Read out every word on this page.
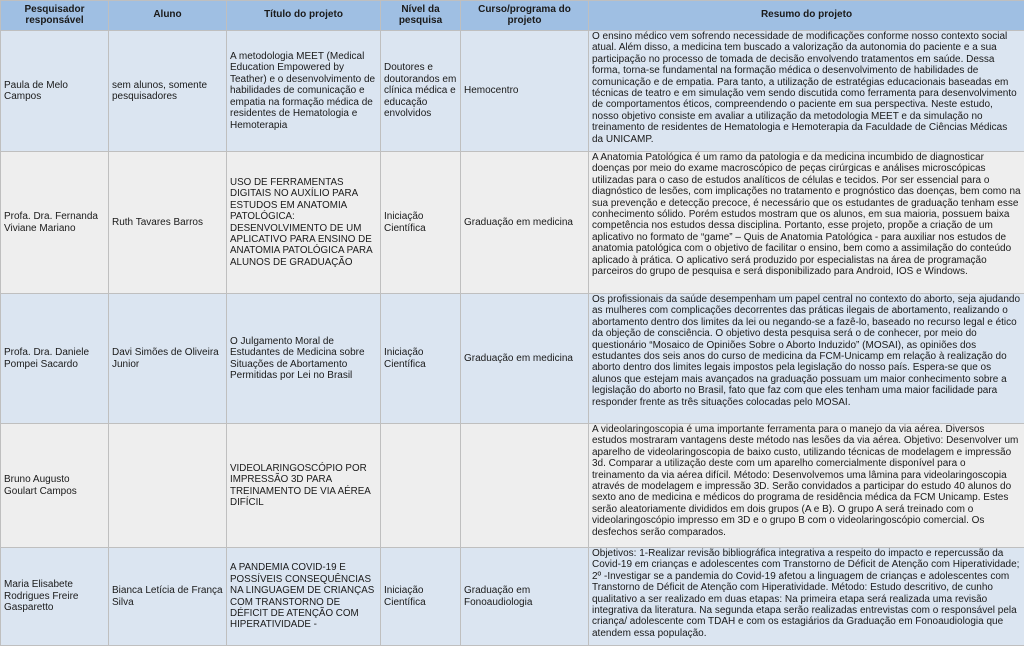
Pesquisador responsável	Aluno	Título do projeto	Nível da pesquisa	Curso/programa do projeto	Resumo do projeto
Paula de Melo Campos	sem alunos, somente pesquisadores	A metodologia MEET (Medical Education Empowered by Teather) e o desenvolvimento de habilidades de comunicação e empatia na formação médica de residentes de Hematologia e Hemoterapia	Doutores e doutorandos em clínica médica e educação envolvidos	Hemocentro	O ensino médico vem sofrendo necessidade de modificações conforme nosso contexto social atual. Além disso, a medicina tem buscado a valorização da autonomia do paciente e a sua participação no processo de tomada de decisão envolvendo tratamentos em saúde. Dessa forma, torna-se fundamental na formação médica o desenvolvimento de habilidades de comunicação e de empatia. Para tanto, a utilização de estratégias educacionais baseadas em técnicas de teatro e em simulação vem sendo discutida como ferramenta para desenvolvimento de comportamentos éticos, compreendendo o paciente em sua perspectiva. Neste estudo, nosso objetivo consiste em avaliar a utilização da metodologia MEET e da simulação no treinamento de residentes de Hematologia e Hemoterapia da Faculdade de Ciências Médicas da UNICAMP.
Profa. Dra. Fernanda Viviane Mariano	Ruth Tavares Barros	USO DE FERRAMENTAS DIGITAIS NO AUXÍLIO PARA ESTUDOS EM ANATOMIA PATOLÓGICA: DESENVOLVIMENTO DE UM APLICATIVO PARA ENSINO DE ANATOMIA PATOLÓGICA PARA ALUNOS DE GRADUAÇÃO	Iniciação Científica	Graduação em medicina	A Anatomia Patológica é um ramo da patologia e da medicina incumbido de diagnosticar doenças por meio do exame macroscópico de peças cirúrgicas e análises microscópicas utilizadas para o caso de estudos analíticos de células e tecidos. Por ser essencial para o diagnóstico de lesões, com implicações no tratamento e prognóstico das doenças, bem como na sua prevenção e detecção precoce, é necessário que os estudantes de graduação tenham esse conhecimento sólido. Porém estudos mostram que os alunos, em sua maioria, possuem baixa competência nos estudos dessa disciplina. Portanto, esse projeto, propõe a criação de um aplicativo no formato de “game” – Quis de Anatomia Patológica - para auxiliar nos estudos de anatomia patológica com o objetivo de facilitar o ensino, bem como a assimilação do conteúdo aplicado à prática. O aplicativo será produzido por especialistas na área de programação parceiros do grupo de pesquisa e será disponibilizado para Android, IOS e Windows.
Profa. Dra. Daniele Pompei Sacardo	Davi Simões de Oliveira Junior	O Julgamento Moral de Estudantes de Medicina sobre Situações de Abortamento Permitidas por Lei no Brasil	Iniciação Científica	Graduação em medicina	Os profissionais da saúde desempenham um papel central no contexto do aborto, seja ajudando as mulheres com complicações decorrentes das práticas ilegais de abortamento, realizando o abortamento dentro dos limites da lei ou negando-se a fazê-lo, baseado no recurso legal e ético da objeção de consciência. O objetivo desta pesquisa será o de conhecer, por meio do questionário “Mosaico de Opiniões Sobre o Aborto Induzido” (MOSAI), as opiniões dos estudantes dos seis anos do curso de medicina da FCM-Unicamp em relação à realização do aborto dentro dos limites legais impostos pela legislação do nosso país. Espera-se que os alunos que estejam mais avançados na graduação possuam um maior conhecimento sobre a legislação do aborto no Brasil, fato que faz com que eles tenham uma maior facilidade para responder frente as três situações colocadas pelo MOSAI.
Bruno Augusto Goulart Campos		VIDEOLARINGOSCÓPIO POR IMPRESSÃO 3D PARA TREINAMENTO DE VIA AÉREA DIFÍCIL			A videolaringoscopia é uma importante ferramenta para o manejo da via aérea. Diversos estudos mostraram vantagens deste método nas lesões da via aérea. Objetivo: Desenvolver um aparelho de videolaringoscopia de baixo custo, utilizando técnicas de modelagem e impressão 3d. Comparar a utilização deste com um aparelho comercialmente disponível para o treinamento da via aérea difícil. Método: Desenvolvemos uma lâmina para videolaringoscopia através de modelagem e impressão 3D. Serão convidados a participar do estudo 40 alunos do sexto ano de medicina e médicos do programa de residência médica da FCM Unicamp. Estes serão aleatoriamente divididos em dois grupos (A e B). O grupo A será treinado com o videolaringoscópio impresso em 3D e o grupo B com o videolaringoscópio comercial. Os desfechos serão comparados.
Maria Elisabete Rodrigues Freire Gasparetto	Bianca Letícia de França Silva	A PANDEMIA COVID-19 E POSSÍVEIS CONSEQUÊNCIAS NA LINGUAGEM DE CRIANÇAS COM TRANSTORNO DE DÉFICIT DE ATENÇÃO COM HIPERATIVIDADE -	Iniciação Científica	Graduação em Fonoaudiologia	Objetivos: 1-Realizar revisão bibliográfica integrativa a respeito do impacto e repercussão da Covid-19 em crianças e adolescentes com Transtorno de Déficit de Atenção com Hiperatividade; 2º -Investigar se a pandemia do Covid-19 afetou a linguagem de crianças e adolescentes com Transtorno de Déficit de Atenção com Hiperatividade. Método: Estudo descritivo, de cunho qualitativo a ser realizado em duas etapas: Na primeira etapa será realizada uma revisão integrativa da literatura. Na segunda etapa serão realizadas entrevistas com o responsável pela criança/ adolescente com TDAH e com os estagiários da Graduação em Fonoaudiologia que atendem essa população.
